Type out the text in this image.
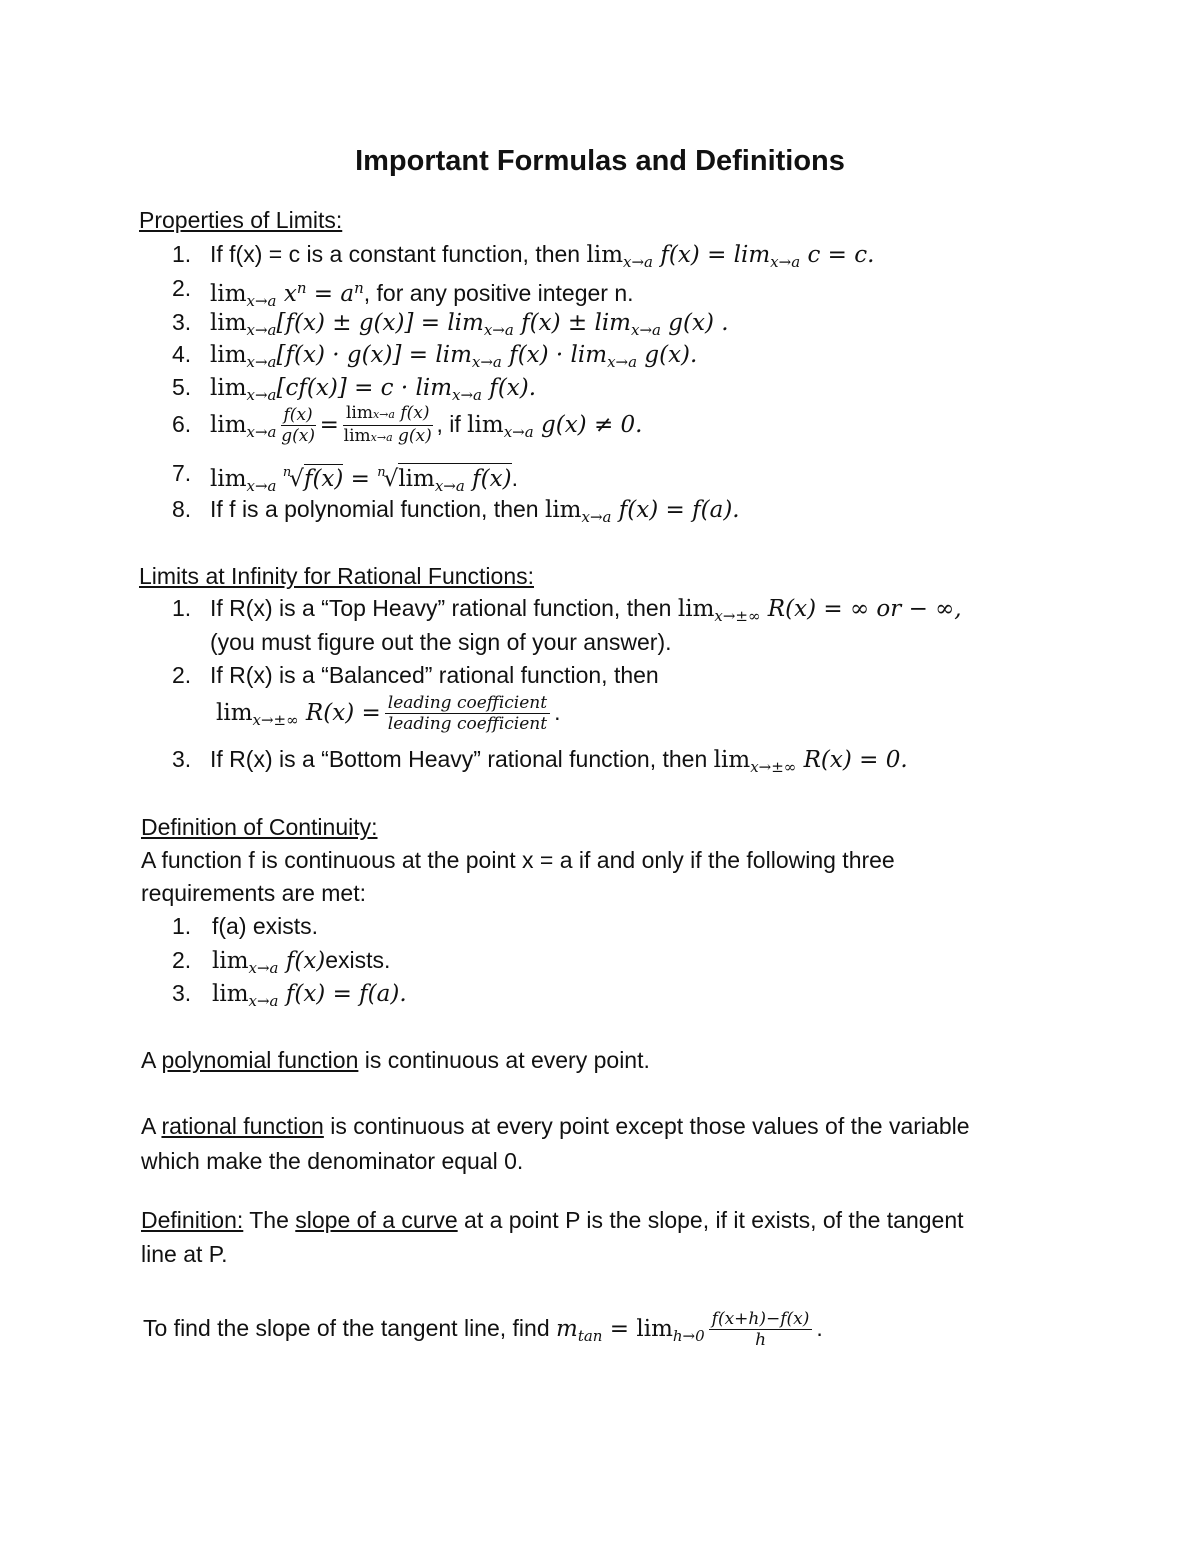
Important Formulas and Definitions
Properties of Limits:
1. If f(x) = c is a constant function, then $\lim_{x\to a} f(x) = \lim_{x\to a} c = c$.
2. $\lim_{x\to a} x^n = a^n$, for any positive integer n.
3. $\lim_{x\to a}[f(x) \pm g(x)] = \lim_{x\to a} f(x) \pm \lim_{x\to a} g(x)$ .
4. $\lim_{x\to a}[f(x) \cdot g(x)] = \lim_{x\to a} f(x) \cdot \lim_{x\to a} g(x)$.
5. $\lim_{x\to a}[cf(x)] = c \cdot \lim_{x\to a} f(x)$.
6. $\lim_{x\to a} \frac{f(x)}{g(x)} = \frac{\text{limx→a f(x)}}{\text{limx→a g(x)}}$ , if $\lim_{x\to a} g(x) \ne 0$.
7. $\lim_{x\to a} ^n√f(x) = ^n√\lim_{x\to a}$ f(x).
8. If f is a polynomial function, then $\lim_{x\to a} f(x) = f(a)$.
Limits at Infinity for Rational Functions:
1. If R(x) is a “Top Heavy” rational function, then $\lim_{x\to\pm\infty} R(x)$ = ∞ or − ∞,
(you must figure out the sign of your answer).
2. If R(x) is a “Balanced” rational function, then
$\lim_{x\to\pm\infty} R(x) = \frac{\text{leading coefficient}}{\text{leading coefficient}}$ .
3. If R(x) is a “Bottom Heavy” rational function, then $\lim_{x\to\pm\infty} R(x) = 0$.
Definition of Continuity:
A function f is continuous at the point x = a if and only if the following three
requirements are met:
1. f(a) exists.
2. $\lim_{x\to a}$ f(x)exists.
3. $\lim_{x\to a} f(x) = f(a)$.
A polynomial function is continuous at every point.
A rational function is continuous at every point except those values of the variable
which make the denominator equal 0.
Definition: The slope of a curve at a point P is the slope, if it exists, of the tangent
line at P.
To find the slope of the tangent line, find $m_{tan} = \lim_{h\to 0} \frac{f(x+h)-f(x)}{h}$ .
